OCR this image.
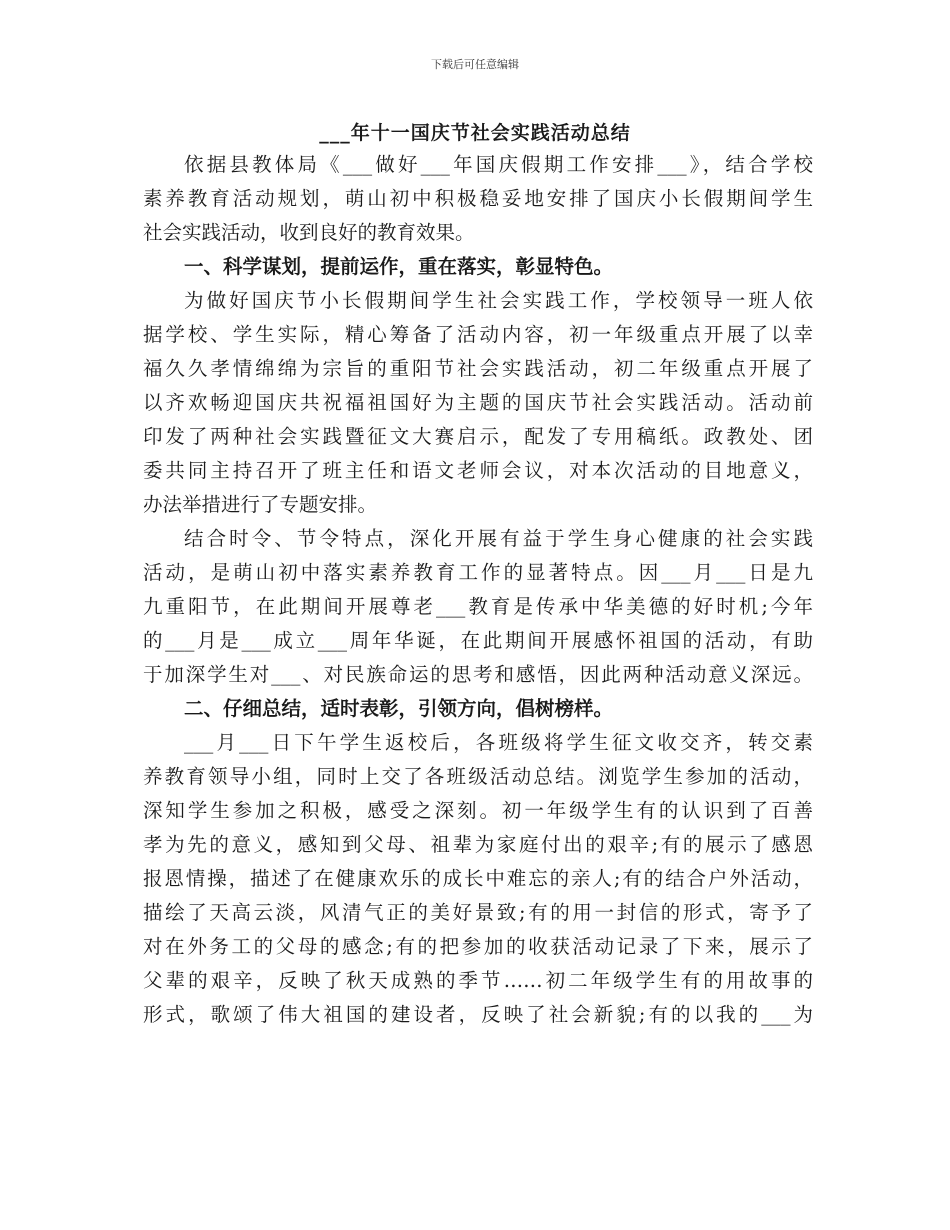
下载后可任意编辑
___年十一国庆节社会实践活动总结
依据县教体局《___做好___年国庆假期工作安排___》，结合学校
素养教育活动规划，萌山初中积极稳妥地安排了国庆小长假期间学生
社会实践活动，收到良好的教育效果。
一、科学谋划，提前运作，重在落实，彰显特色。
为做好国庆节小长假期间学生社会实践工作，学校领导一班人依
据学校、学生实际，精心筹备了活动内容，初一年级重点开展了以幸
福久久孝情绵绵为宗旨的重阳节社会实践活动，初二年级重点开展了
以齐欢畅迎国庆共祝福祖国好为主题的国庆节社会实践活动。活动前
印发了两种社会实践暨征文大赛启示，配发了专用稿纸。政教处、团
委共同主持召开了班主任和语文老师会议，对本次活动的目地意义，
办法举措进行了专题安排。
结合时令、节令特点，深化开展有益于学生身心健康的社会实践
活动，是萌山初中落实素养教育工作的显著特点。因___月___日是九
九重阳节，在此期间开展尊老___教育是传承中华美德的好时机;今年
的___月是___成立___周年华诞，在此期间开展感怀祖国的活动，有助
于加深学生对___、对民族命运的思考和感悟，因此两种活动意义深远。
二、仔细总结，适时表彰，引领方向，倡树榜样。
___月___日下午学生返校后，各班级将学生征文收交齐，转交素
养教育领导小组，同时上交了各班级活动总结。浏览学生参加的活动，
深知学生参加之积极，感受之深刻。初一年级学生有的认识到了百善
孝为先的意义，感知到父母、祖辈为家庭付出的艰辛;有的展示了感恩
报恩情操，描述了在健康欢乐的成长中难忘的亲人;有的结合户外活动，
描绘了天高云淡，风清气正的美好景致;有的用一封信的形式，寄予了
对在外务工的父母的感念;有的把参加的收获活动记录了下来，展示了
父辈的艰辛，反映了秋天成熟的季节……初二年级学生有的用故事的
形式，歌颂了伟大祖国的建设者，反映了社会新貌;有的以我的___为
